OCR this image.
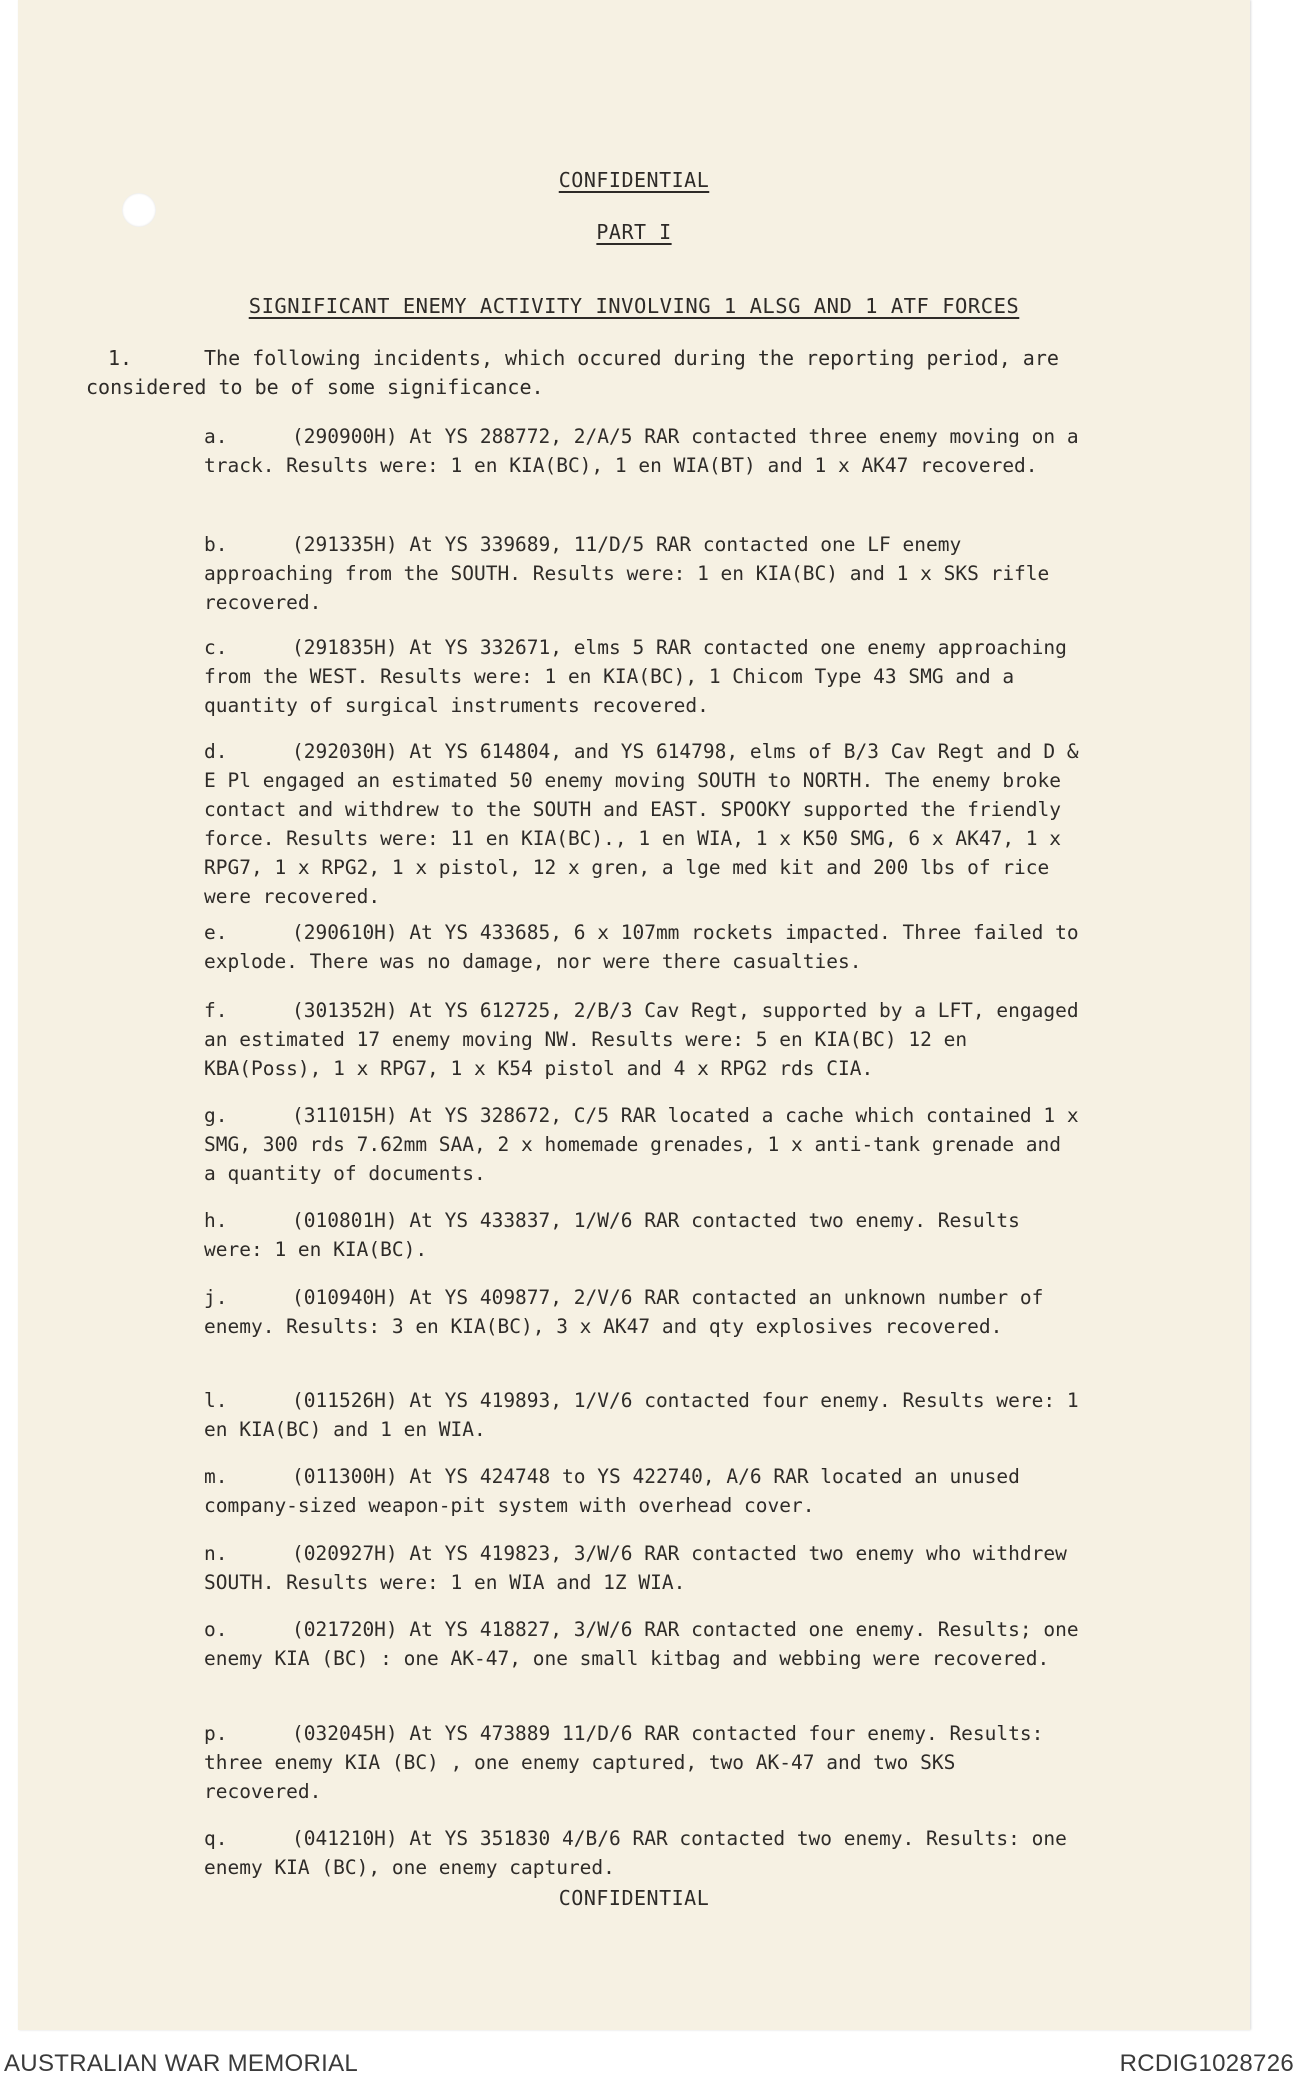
CONFIDENTIAL
PART I
SIGNIFICANT ENEMY ACTIVITY INVOLVING 1 ALSG AND 1 ATF FORCES
1.	The following incidents, which occured during the reporting period, are considered to be of some significance.
a.	(290900H) At YS 288772, 2/A/5 RAR contacted three enemy moving on a track. Results were: 1 en KIA(BC), 1 en WIA(BT) and 1 x AK47 recovered.
b.	(291335H) At YS 339689, 11/D/5 RAR contacted one LF enemy approaching from the SOUTH. Results were: 1 en KIA(BC) and 1 x SKS rifle recovered.
c.	(291835H) At YS 332671, elms 5 RAR contacted one enemy approaching from the WEST. Results were: 1 en KIA(BC), 1 Chicom Type 43 SMG and a quantity of surgical instruments recovered.
d.	(292030H) At YS 614804, and YS 614798, elms of B/3 Cav Regt and D & E Pl engaged an estimated 50 enemy moving SOUTH to NORTH. The enemy broke contact and withdrew to the SOUTH and EAST. SPOOKY supported the friendly force. Results were: 11 en KIA(BC)., 1 en WIA, 1 x K50 SMG, 6 x AK47, 1 x RPG7, 1 x RPG2, 1 x pistol, 12 x gren, a lge med kit and 200 lbs of rice were recovered.
e.	(290610H) At YS 433685, 6 x 107mm rockets impacted. Three failed to explode. There was no damage, nor were there casualties.
f.	(301352H) At YS 612725, 2/B/3 Cav Regt, supported by a LFT, engaged an estimated 17 enemy moving NW. Results were: 5 en KIA(BC) 12 en KBA(Poss), 1 x RPG7, 1 x K54 pistol and 4 x RPG2 rds CIA.
g.	(311015H) At YS 328672, C/5 RAR located a cache which contained 1 x SMG, 300 rds 7.62mm SAA, 2 x homemade grenades, 1 x anti-tank grenade and a quantity of documents.
h.	(010801H) At YS 433837, 1/W/6 RAR contacted two enemy. Results were: 1 en KIA(BC).
j.	(010940H) At YS 409877, 2/V/6 RAR contacted an unknown number of enemy. Results: 3 en KIA(BC), 3 x AK47 and qty explosives recovered.
l.	(011526H) At YS 419893, 1/V/6 contacted four enemy. Results were: 1 en KIA(BC) and 1 en WIA.
m.	(011300H) At YS 424748 to YS 422740, A/6 RAR located an unused company-sized weapon-pit system with overhead cover.
n.	(020927H) At YS 419823, 3/W/6 RAR contacted two enemy who withdrew SOUTH. Results were: 1 en WIA and 1Z WIA.
o.	(021720H) At YS 418827, 3/W/6 RAR contacted one enemy. Results; one enemy KIA (BC) : one AK-47, one small kitbag and webbing were recovered.
p.	(032045H) At YS 473889 11/D/6 RAR contacted four enemy. Results: three enemy KIA (BC) , one enemy captured, two AK-47 and two SKS recovered.
q.	(041210H) At YS 351830 4/B/6 RAR contacted two enemy. Results: one enemy KIA (BC), one enemy captured.
CONFIDENTIAL
AUSTRALIAN WAR MEMORIAL	RCDIG1028726
